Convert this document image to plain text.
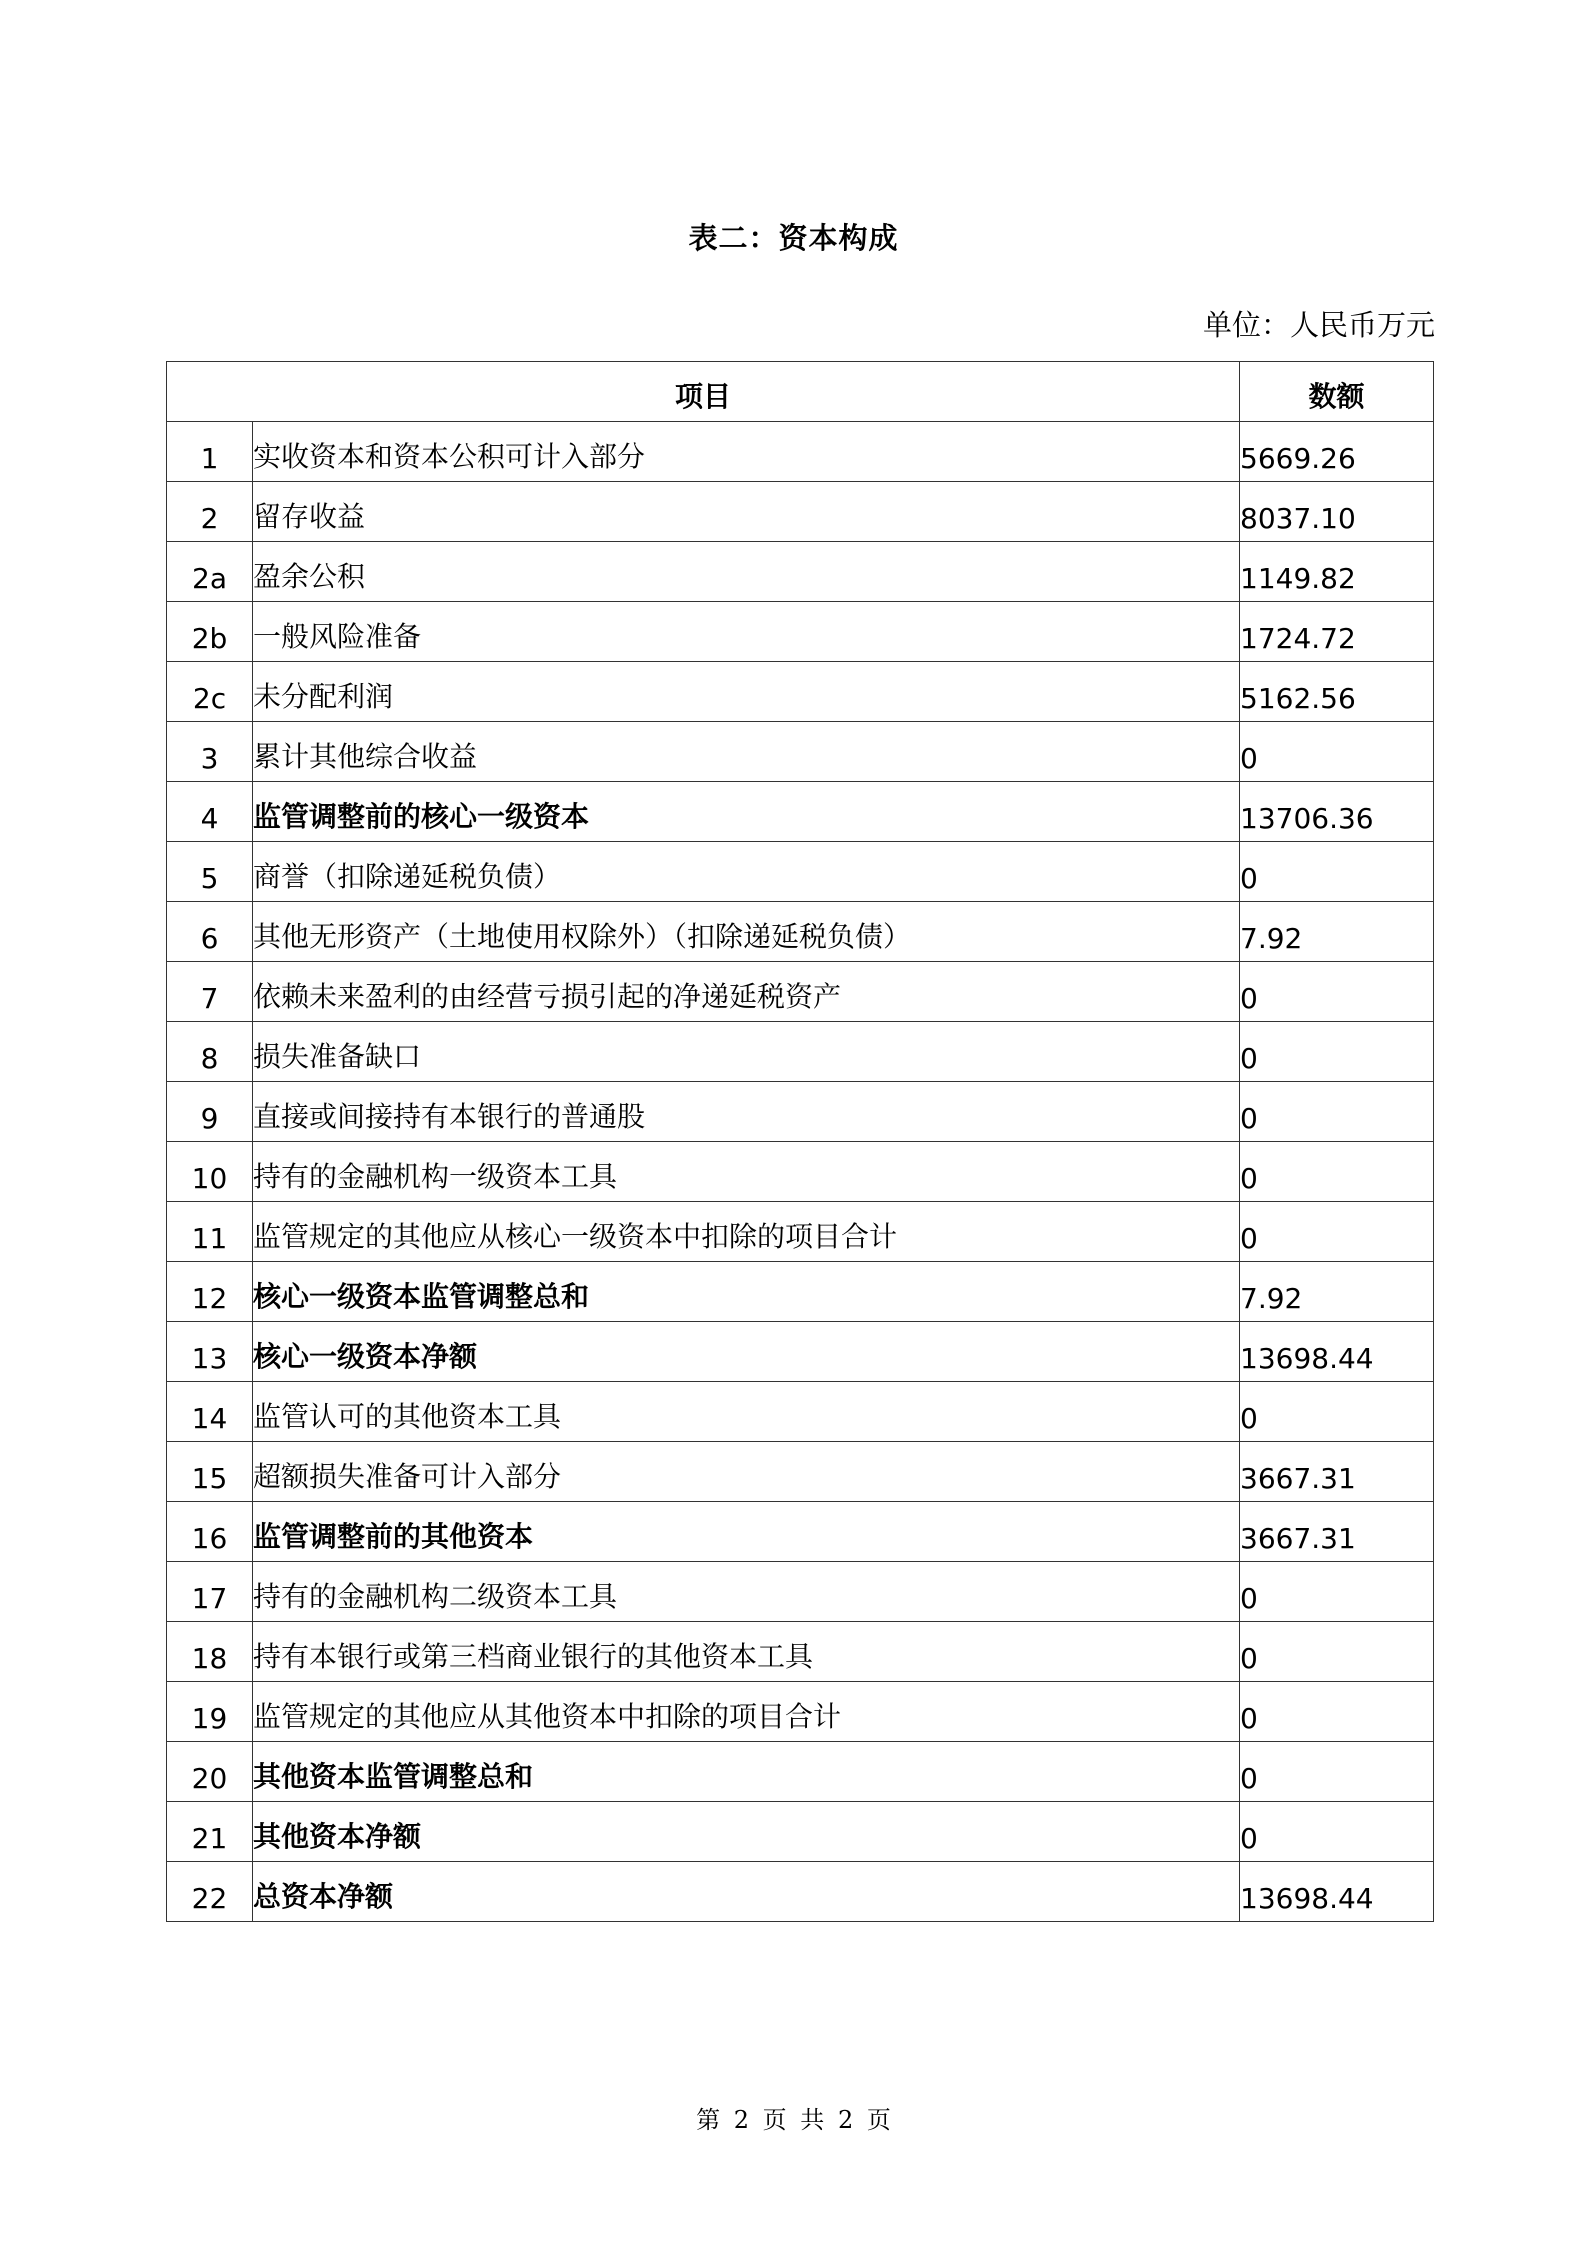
表二：资本构成
单位：人民币万元
项目		数额
1	实收资本和资本公积可计入部分	5669.26
2	留存收益	8037.10
2a	盈余公积	1149.82
2b	一般风险准备	1724.72
2c	未分配利润	5162.56
3	累计其他综合收益	0
4	监管调整前的核心一级资本	13706.36
5	商誉（扣除递延税负债）	0
6	其他无形资产（土地使用权除外）（扣除递延税负债）	7.92
7	依赖未来盈利的由经营亏损引起的净递延税资产	0
8	损失准备缺口	0
9	直接或间接持有本银行的普通股	0
10	持有的金融机构一级资本工具	0
11	监管规定的其他应从核心一级资本中扣除的项目合计	0
12	核心一级资本监管调整总和	7.92
13	核心一级资本净额	13698.44
14	监管认可的其他资本工具	0
15	超额损失准备可计入部分	3667.31
16	监管调整前的其他资本	3667.31
17	持有的金融机构二级资本工具	0
18	持有本银行或第三档商业银行的其他资本工具	0
19	监管规定的其他应从其他资本中扣除的项目合计	0
20	其他资本监管调整总和	0
21	其他资本净额	0
22	总资本净额	13698.44
第 2 页 共 2 页
